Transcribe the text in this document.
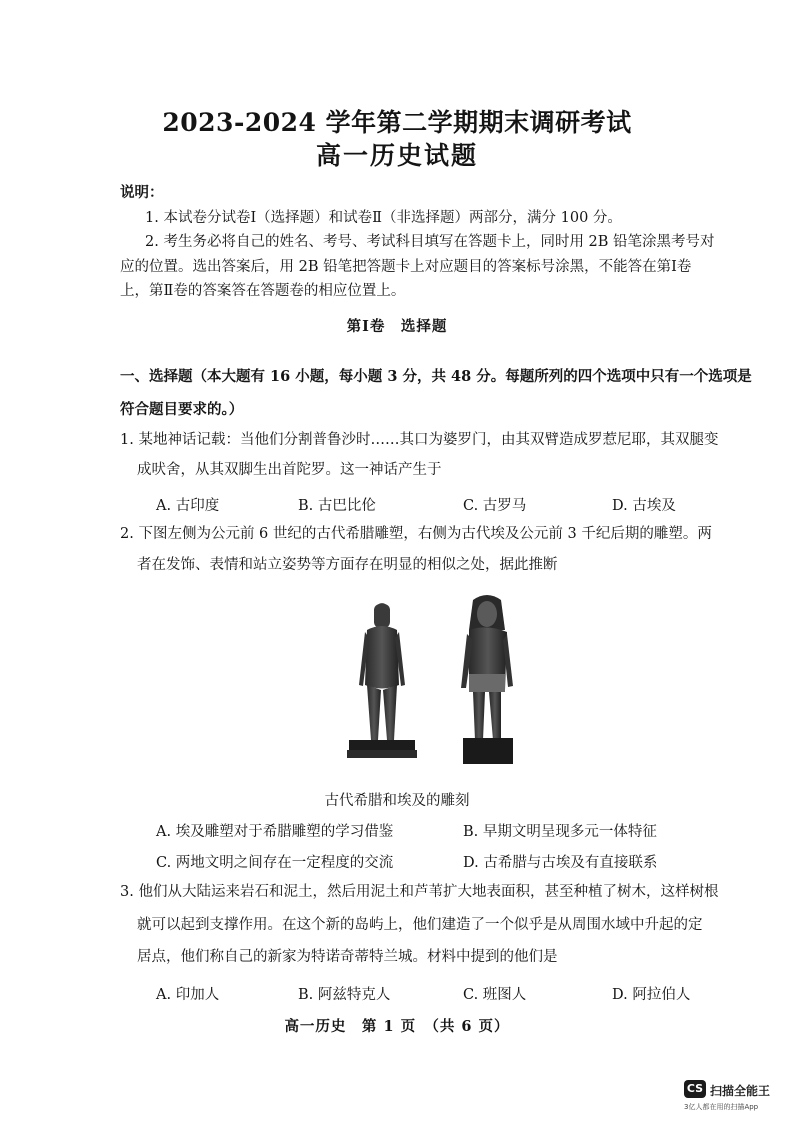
2023-2024 学年第二学期期末调研考试
高一历史试题
说明：
1. 本试卷分试卷Ⅰ（选择题）和试卷Ⅱ（非选择题）两部分，满分 100 分。
2. 考生务必将自己的姓名、考号、考试科目填写在答题卡上，同时用 2B 铅笔涂黑考号对
应的位置。选出答案后，用 2B 铅笔把答题卡上对应题目的答案标号涂黑，不能答在第Ⅰ卷
上，第Ⅱ卷的答案答在答题卷的相应位置上。
第Ⅰ卷　选择题
一、选择题（本大题有 16 小题，每小题 3 分，共 48 分。每题所列的四个选项中只有一个选项是
符合题目要求的。）
1. 某地神话记载：当他们分割普鲁沙时……其口为婆罗门，由其双臂造成罗惹尼耶，其双腿变
成吠舍，从其双脚生出首陀罗。这一神话产生于
A. 古印度	B. 古巴比伦	C. 古罗马	D. 古埃及
2. 下图左侧为公元前 6 世纪的古代希腊雕塑，右侧为古代埃及公元前 3 千纪后期的雕塑。两
者在发饰、表情和站立姿势等方面存在明显的相似之处，据此推断
古代希腊和埃及的雕刻
A. 埃及雕塑对于希腊雕塑的学习借鉴	B. 早期文明呈现多元一体特征
C. 两地文明之间存在一定程度的交流	D. 古希腊与古埃及有直接联系
3. 他们从大陆运来岩石和泥土，然后用泥土和芦苇扩大地表面积，甚至种植了树木，这样树根
就可以起到支撑作用。在这个新的岛屿上，他们建造了一个似乎是从周围水域中升起的定
居点，他们称自己的新家为特诺奇蒂特兰城。材料中提到的他们是
A. 印加人	B. 阿兹特克人	C. 班图人	D. 阿拉伯人
高一历史　第 1 页　（共 6 页）
CS 扫描全能王
3亿人都在用的扫描App
